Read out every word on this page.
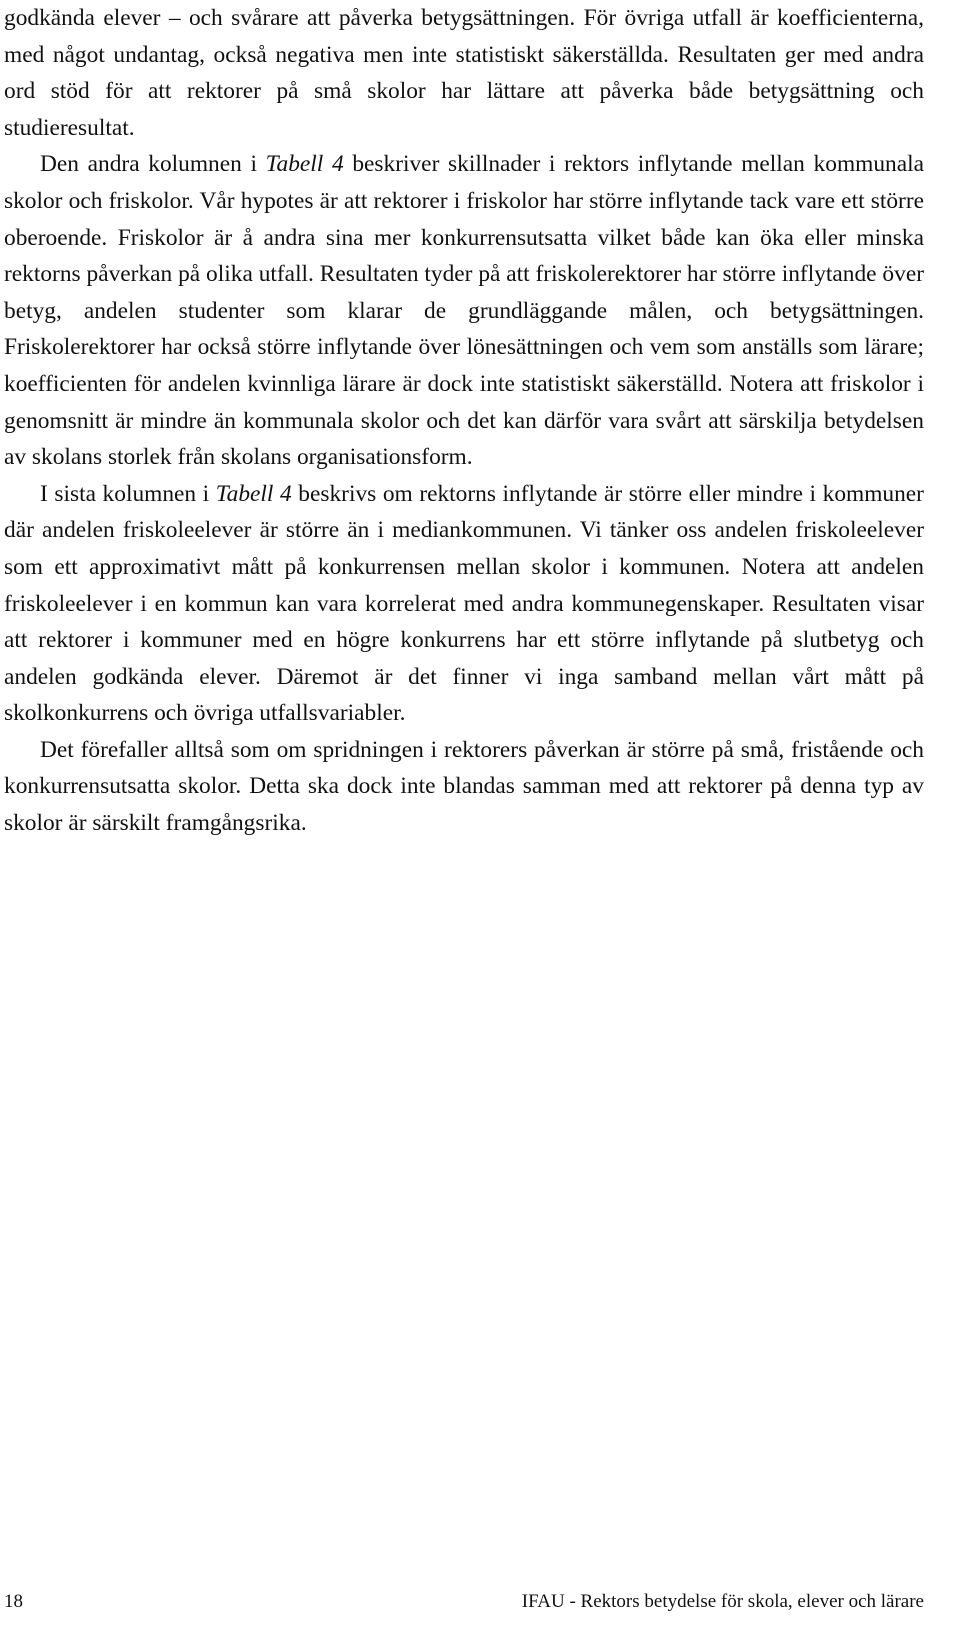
godkända elever – och svårare att påverka betygsättningen. För övriga utfall är koefficienterna, med något undantag, också negativa men inte statistiskt säkerställda. Resultaten ger med andra ord stöd för att rektorer på små skolor har lättare att påverka både betygsättning och studieresultat.

Den andra kolumnen i Tabell 4 beskriver skillnader i rektors inflytande mellan kommunala skolor och friskolor. Vår hypotes är att rektorer i friskolor har större inflytande tack vare ett större oberoende. Friskolor är å andra sina mer konkurrensutsatta vilket både kan öka eller minska rektorns påverkan på olika utfall. Resultaten tyder på att friskolerektorer har större inflytande över betyg, andelen studenter som klarar de grundläggande målen, och betygsättningen. Friskolerektorer har också större inflytande över lönesättningen och vem som anställs som lärare; koefficienten för andelen kvinnliga lärare är dock inte statistiskt säkerställd. Notera att friskolor i genomsnitt är mindre än kommunala skolor och det kan därför vara svårt att särskilja betydelsen av skolans storlek från skolans organisationsform.

I sista kolumnen i Tabell 4 beskrivs om rektorns inflytande är större eller mindre i kommuner där andelen friskoleelever är större än i mediankommunen. Vi tänker oss andelen friskoleelever som ett approximativt mått på konkurrensen mellan skolor i kommunen. Notera att andelen friskoleelever i en kommun kan vara korrelerat med andra kommunegenskaper. Resultaten visar att rektorer i kommuner med en högre konkurrens har ett större inflytande på slutbetyg och andelen godkända elever. Däremot är det finner vi inga samband mellan vårt mått på skolkonkurrens och övriga utfallsvariabler.

Det förefaller alltså som om spridningen i rektorers påverkan är större på små, fristående och konkurrensutsatta skolor. Detta ska dock inte blandas samman med att rektorer på denna typ av skolor är särskilt framgångsrika.

18	IFAU - Rektors betydelse för skola, elever och lärare
